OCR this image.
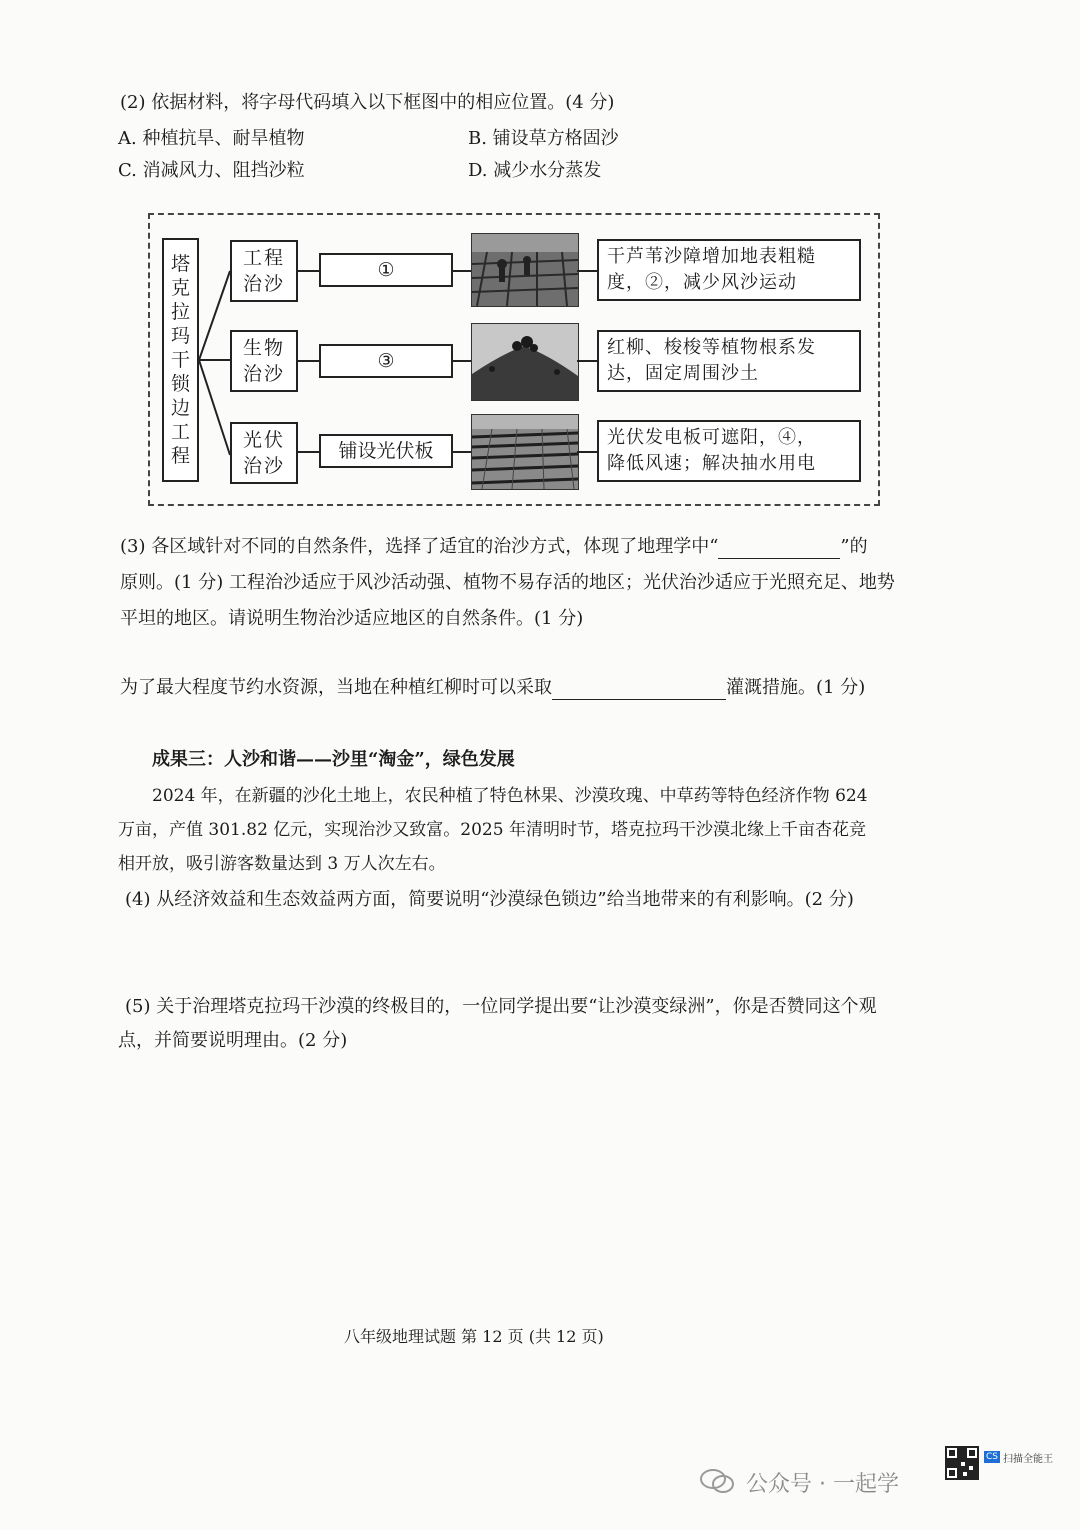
(2) 依据材料，将字母代码填入以下框图中的相应位置。(4 分)
A. 种植抗旱、耐旱植物	B. 铺设草方格固沙
C. 消减风力、阻挡沙粒	D. 减少水分蒸发
塔
克
拉
玛
干
锁
边
工
程
工程
治沙
①
干芦苇沙障增加地表粗糙
度，②，减少风沙运动
生物
治沙
③
红柳、梭梭等植物根系发
达，固定周围沙土
光伏
治沙
铺设光伏板
光伏发电板可遮阳，④，
降低风速；解决抽水用电
(3) 各区域针对不同的自然条件，选择了适宜的治沙方式，体现了地理学中“	”的
原则。(1 分) 工程治沙适应于风沙活动强、植物不易存活的地区；光伏治沙适应于光照充足、地势
平坦的地区。请说明生物治沙适应地区的自然条件。(1 分)
为了最大程度节约水资源，当地在种植红柳时可以采取	灌溉措施。(1 分)
成果三：人沙和谐——沙里“淘金”，绿色发展
2024 年，在新疆的沙化土地上，农民种植了特色林果、沙漠玫瑰、中草药等特色经济作物 624
万亩，产值 301.82 亿元，实现治沙又致富。2025 年清明时节，塔克拉玛干沙漠北缘上千亩杏花竞
相开放，吸引游客数量达到 3 万人次左右。
(4) 从经济效益和生态效益两方面，简要说明“沙漠绿色锁边”给当地带来的有利影响。(2 分)
(5) 关于治理塔克拉玛干沙漠的终极目的，一位同学提出要“让沙漠变绿洲”，你是否赞同这个观
点，并简要说明理由。(2 分)
八年级地理试题 第 12 页 (共 12 页)
公众号 · 一起学
CS 扫描全能王
